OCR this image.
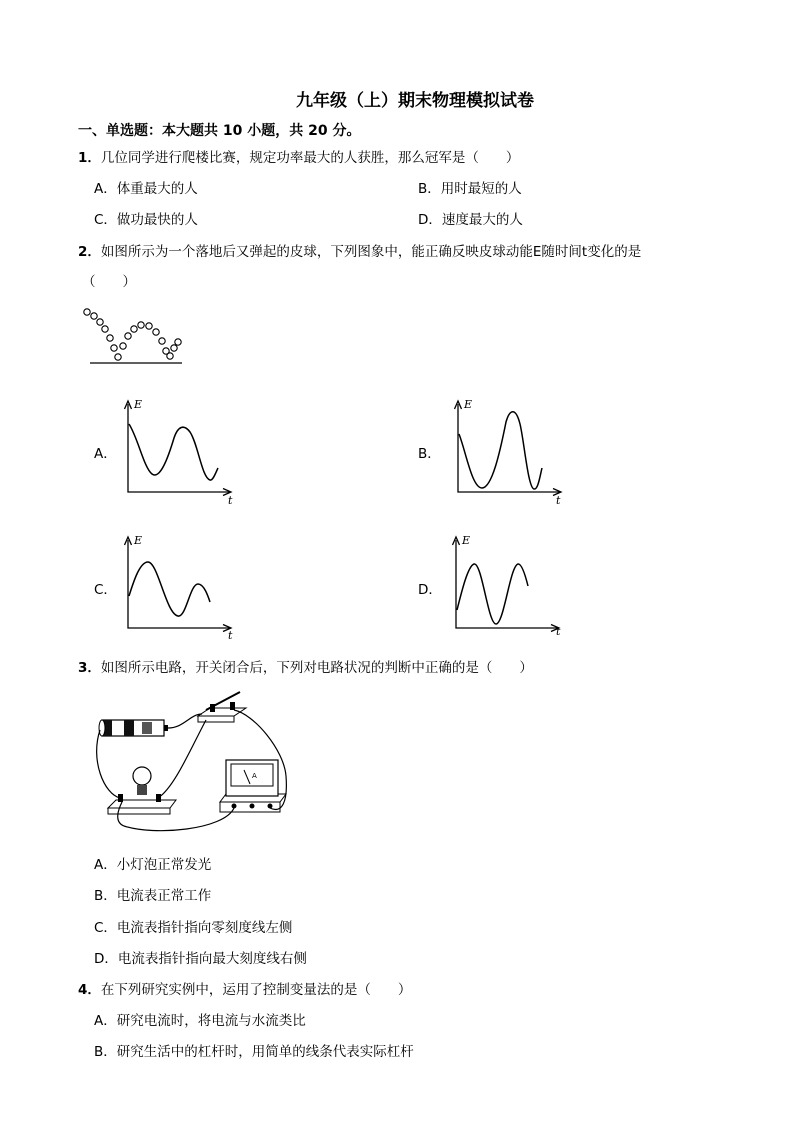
九年级（上）期末物理模拟试卷
一、单选题：本大题共 10 小题，共 20 分。
1．几位同学进行爬楼比赛，规定功率最大的人获胜，那么冠军是（　　）
A．体重最大的人	B．用时最短的人
C．做功最快的人	D．速度最大的人
2．如图所示为一个落地后又弹起的皮球，下列图象中，能正确反映皮球动能E随时间t变化的是
（　　）
A．
E
t
B．
E
t
C．
E
t
D．
E
t
3．如图所示电路，开关闭合后，下列对电路状况的判断中正确的是（　　）
A
A．小灯泡正常发光
B．电流表正常工作
C．电流表指针指向零刻度线左侧
D．电流表指针指向最大刻度线右侧
4．在下列研究实例中，运用了控制变量法的是（　　）
A．研究电流时，将电流与水流类比
B．研究生活中的杠杆时，用简单的线条代表实际杠杆
